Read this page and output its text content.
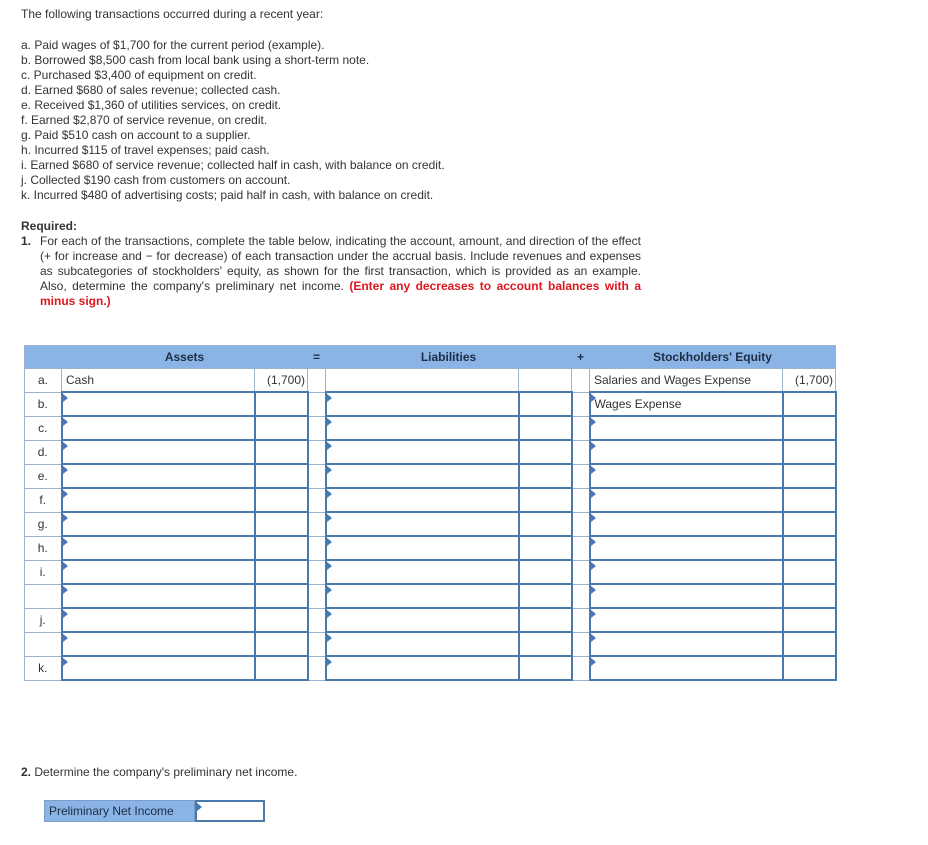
The following transactions occurred during a recent year:
a. Paid wages of $1,700 for the current period (example).
b. Borrowed $8,500 cash from local bank using a short-term note.
c. Purchased $3,400 of equipment on credit.
d. Earned $680 of sales revenue; collected cash.
e. Received $1,360 of utilities services, on credit.
f. Earned $2,870 of service revenue, on credit.
g. Paid $510 cash on account to a supplier.
h. Incurred $115 of travel expenses; paid cash.
i. Earned $680 of service revenue; collected half in cash, with balance on credit.
j. Collected $190 cash from customers on account.
k. Incurred $480 of advertising costs; paid half in cash, with balance on credit.
Required:
1. For each of the transactions, complete the table below, indicating the account, amount, and direction of the effect (+ for increase and − for decrease) of each transaction under the accrual basis. Include revenues and expenses as subcategories of stockholders' equity, as shown for the first transaction, which is provided as an example. Also, determine the company's preliminary net income. (Enter any decreases to account balances with a minus sign.)
	Assets		=	Liabilities		+	Stockholders' Equity	
a.	Cash	(1,700)					Salaries and Wages Expense	(1,700)

b.							Wages Expense	

c.								
d.								
e.								
f.								
g.								
h.								
i.								

j.								

k.								
2. Determine the company's preliminary net income.
Preliminary Net Income
